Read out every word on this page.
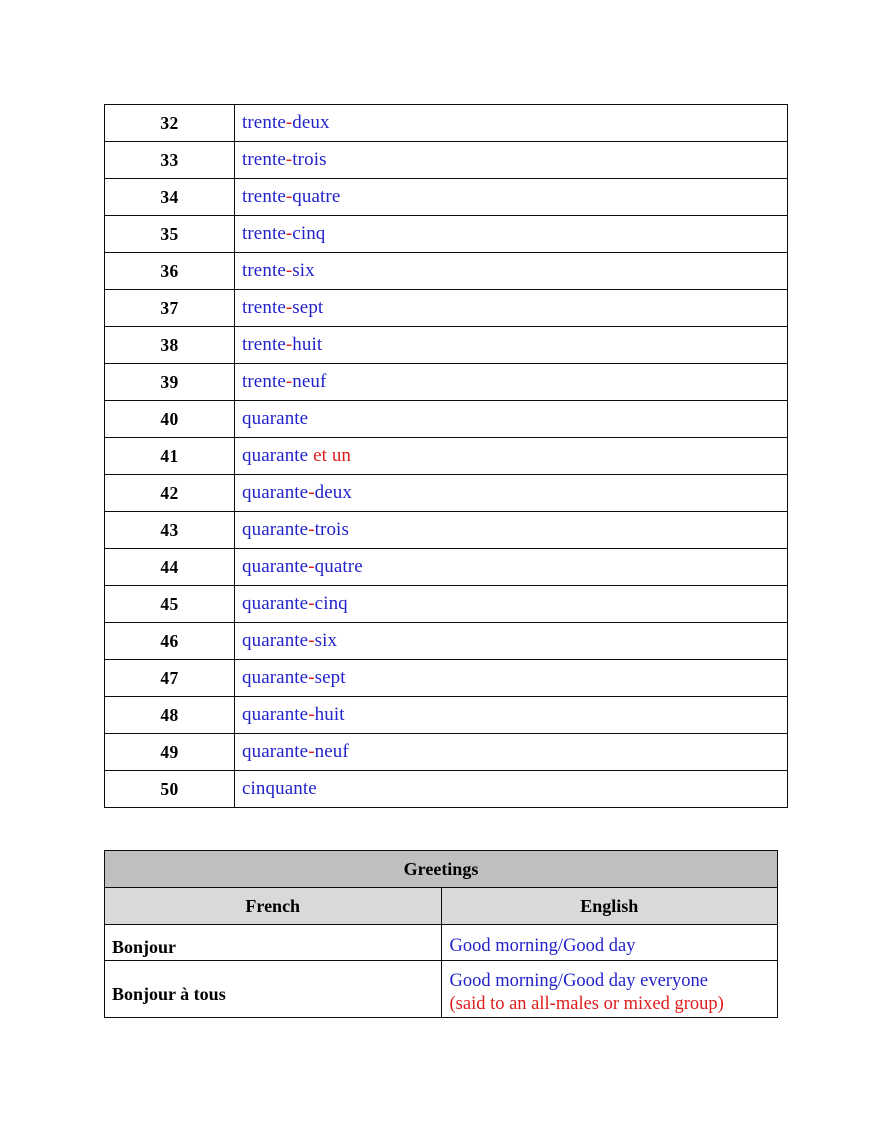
32	trente-deux
33	trente-trois
34	trente-quatre
35	trente-cinq
36	trente-six
37	trente-sept
38	trente-huit
39	trente-neuf
40	quarante
41	quarante et un
42	quarante-deux
43	quarante-trois
44	quarante-quatre
45	quarante-cinq
46	quarante-six
47	quarante-sept
48	quarante-huit
49	quarante-neuf
50	cinquante
Greetings	
French	English
Bonjour	Good morning/Good day

Bonjour à tous	Good morning/Good day everyone
(said to an all-males or mixed group)
